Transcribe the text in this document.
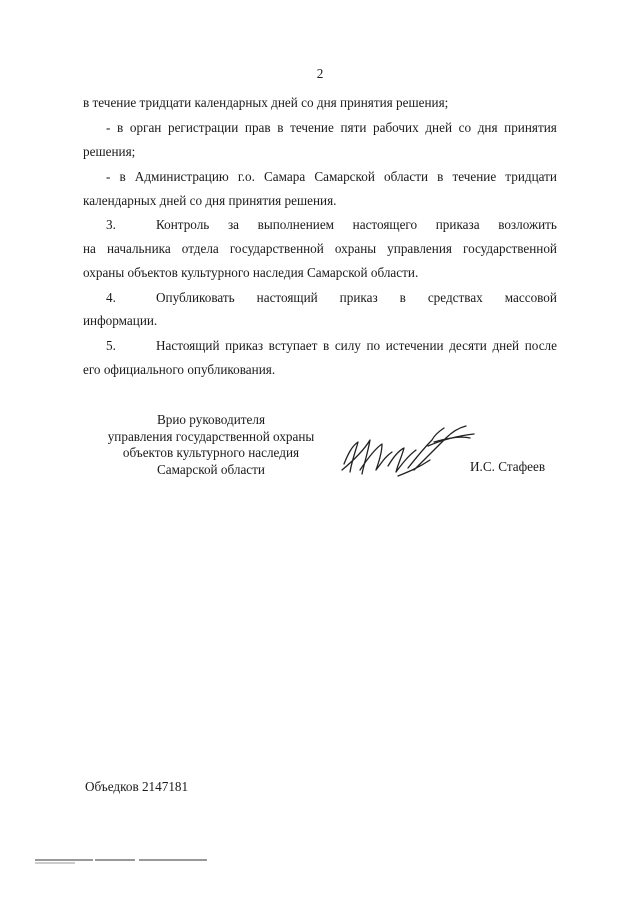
2
в течение тридцати календарных дней со дня принятия решения;
- в орган регистрации прав в течение пяти рабочих дней со дня принятия
решения;
- в Администрацию г.о. Самара Самарской области в течение тридцати
календарных дней со дня принятия решения.
3.	Контроль за выполнением настоящего приказа возложить
на начальника отдела государственной охраны управления государственной
охраны объектов культурного наследия Самарской области.
4.	Опубликовать настоящий приказ в средствах массовой
информации.
5.	Настоящий приказ вступает в силу по истечении десяти дней после
его официального опубликования.
Врио руководителя
управления государственной охраны
объектов культурного наследия
Самарской области	И.С. Стафеев
Объедков 2147181
